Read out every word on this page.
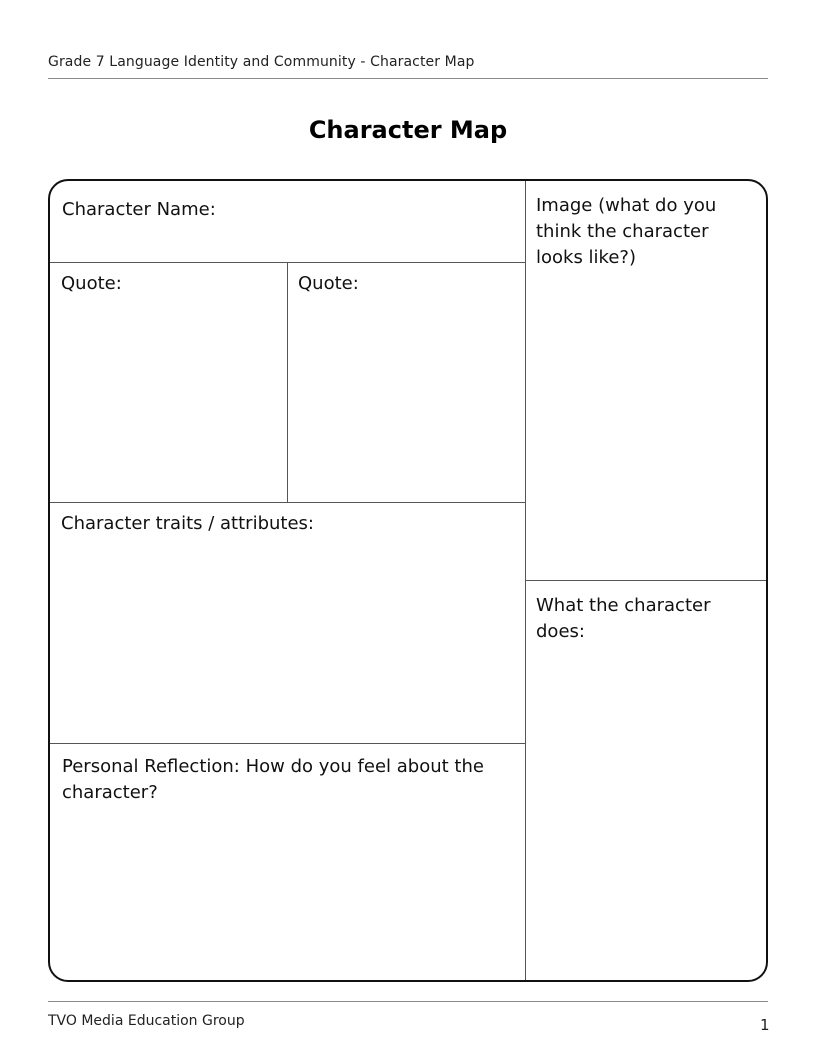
Grade 7 Language Identity and Community - Character Map
Character Map
Character Name:
Quote:	Quote:
Character traits / attributes:
Personal Reflection: How do you feel about the character?
Image (what do you think the character looks like?)
What the character does:
TVO Media Education Group	1
